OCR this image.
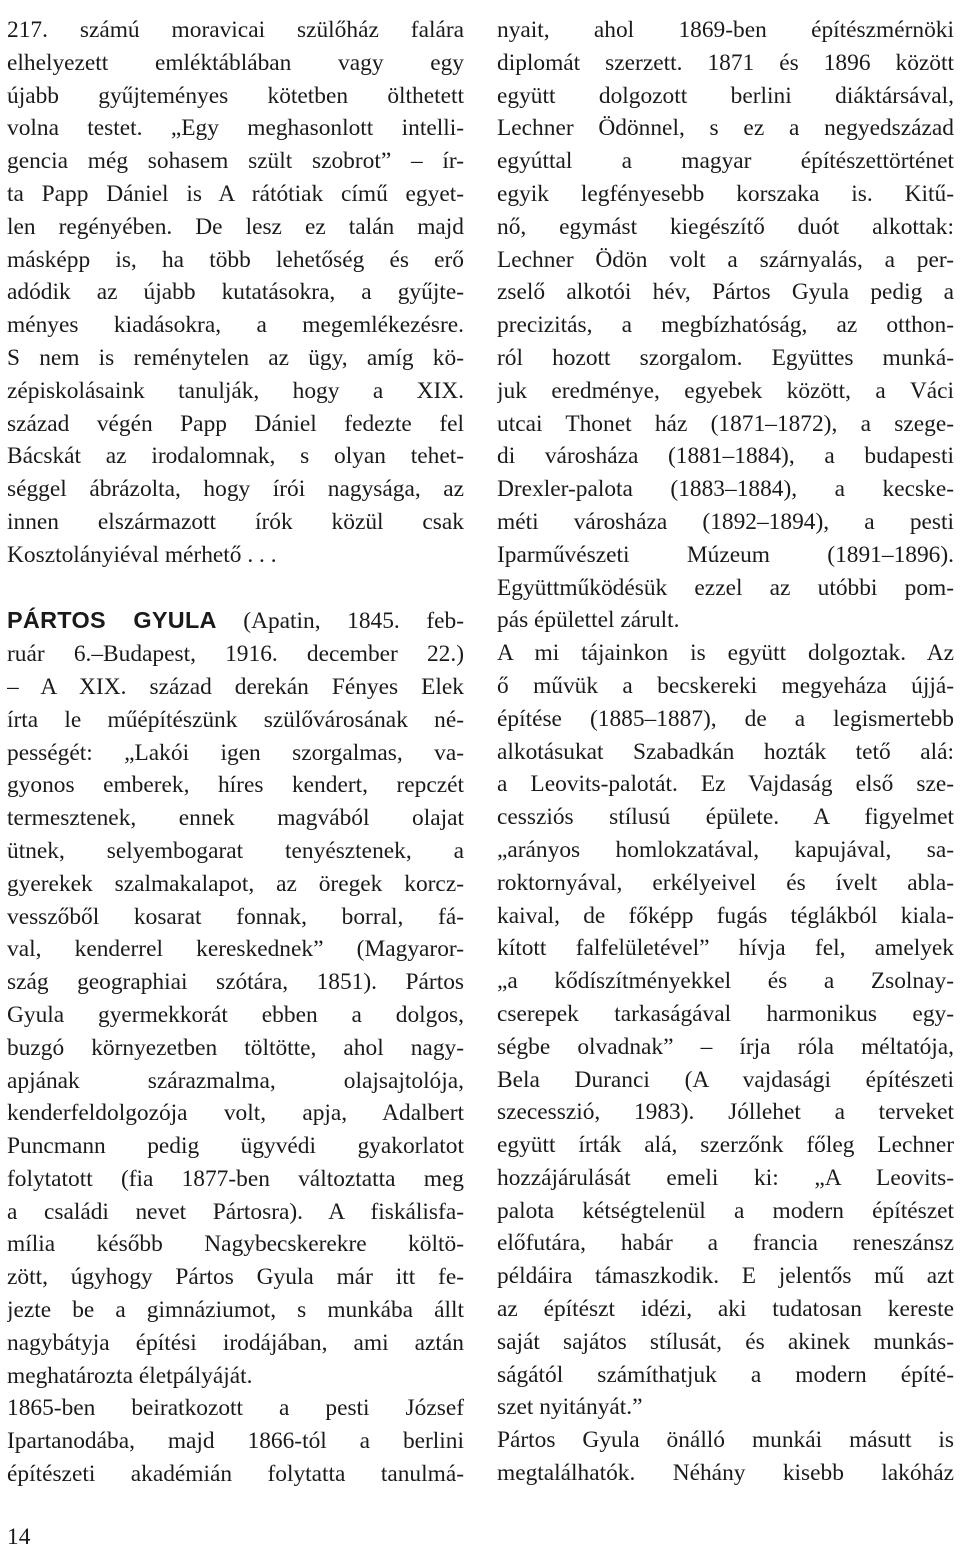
217. számú moravicai szülőház falára
elhelyezett emléktáblában vagy egy
újabb gyűjteményes kötetben ölthetett
volna testet. „Egy meghasonlott intelli-
gencia még sohasem szült szobrot” – ír-
ta Papp Dániel is A rátótiak című egyet-
len regényében. De lesz ez talán majd
másképp is, ha több lehetőség és erő
adódik az újabb kutatásokra, a gyűjte-
ményes kiadásokra, a megemlékezésre.
S nem is reménytelen az ügy, amíg kö-
zépiskolásaink tanulják, hogy a XIX.
század végén Papp Dániel fedezte fel
Bácskát az irodalomnak, s olyan tehet-
séggel ábrázolta, hogy írói nagysága, az
innen elszármazott írók közül csak
Kosztolányiéval mérhető . . .

PÁRTOS GYULA (Apatin, 1845. feb-

ruár 6.–Budapest, 1916. december 22.)
– A XIX. század derekán Fényes Elek
írta le műépítészünk szülővárosának né-
pességét: „Lakói igen szorgalmas, va-
gyonos emberek, híres kendert, repczét
termesztenek, ennek magvából olajat
ütnek, selyembogarat tenyésztenek, a
gyerekek szalmakalapot, az öregek korcz-
vesszőből kosarat fonnak, borral, fá-
val, kenderrel kereskednek” (Magyaror-
szág geographiai szótára, 1851). Pártos
Gyula gyermekkorát ebben a dolgos,
buzgó környezetben töltötte, ahol nagy-
apjának szárazmalma, olajsajtolója,
kenderfeldolgozója volt, apja, Adalbert
Puncmann pedig ügyvédi gyakorlatot
folytatott (fia 1877-ben változtatta meg
a családi nevet Pártosra). A fiskálisfa-
mília később Nagybecskerekre költö-
zött, úgyhogy Pártos Gyula már itt fe-
jezte be a gimnáziumot, s munkába állt
nagybátyja építési irodájában, ami aztán
meghatározta életpályáját.

1865-ben beiratkozott a pesti József
Ipartanodába, majd 1866-tól a berlini
építészeti akadémián folytatta tanulmá-

nyait, ahol 1869-ben építészmérnöki
diplomát szerzett. 1871 és 1896 között
együtt dolgozott berlini diáktársával,
Lechner Ödönnel, s ez a negyedszázad
egyúttal a magyar építészettörténet
egyik legfényesebb korszaka is. Kitű-
nő, egymást kiegészítő duót alkottak:
Lechner Ödön volt a szárnyalás, a per-
zselő alkotói hév, Pártos Gyula pedig a
precizitás, a megbízhatóság, az otthon-
ról hozott szorgalom. Együttes munká-
juk eredménye, egyebek között, a Váci
utcai Thonet ház (1871–1872), a szege-
di városháza (1881–1884), a budapesti
Drexler-palota (1883–1884), a kecske-
méti városháza (1892–1894), a pesti
Iparművészeti Múzeum (1891–1896).
Együttműködésük ezzel az utóbbi pom-
pás épülettel zárult.

A mi tájainkon is együtt dolgoztak. Az
ő művük a becskereki megyeháza újjá-
építése (1885–1887), de a legismertebb
alkotásukat Szabadkán hozták tető alá:
a Leovits-palotát. Ez Vajdaság első sze-
cessziós stílusú épülete. A figyelmet
„arányos homlokzatával, kapujával, sa-
roktornyával, erkélyeivel és ívelt abla-
kaival, de főképp fugás téglákból kiala-
kított falfelületével” hívja fel, amelyek
„a kődíszítményekkel és a Zsolnay-
cserepek tarkaságával harmonikus egy-
ségbe olvadnak” – írja róla méltatója,
Bela Duranci (A vajdasági építészeti
szecesszió, 1983). Jóllehet a terveket
együtt írták alá, szerzőnk főleg Lechner
hozzájárulását emeli ki: „A Leovits-
palota kétségtelenül a modern építészet
előfutára, habár a francia reneszánsz
példáira támaszkodik. E jelentős mű azt
az építészt idézi, aki tudatosan kereste
saját sajátos stílusát, és akinek munkás-
ságától számíthatjuk a modern építé-
szet nyitányát.”

Pártos Gyula önálló munkái másutt is
megtalálhatók. Néhány kisebb lakóház

14
